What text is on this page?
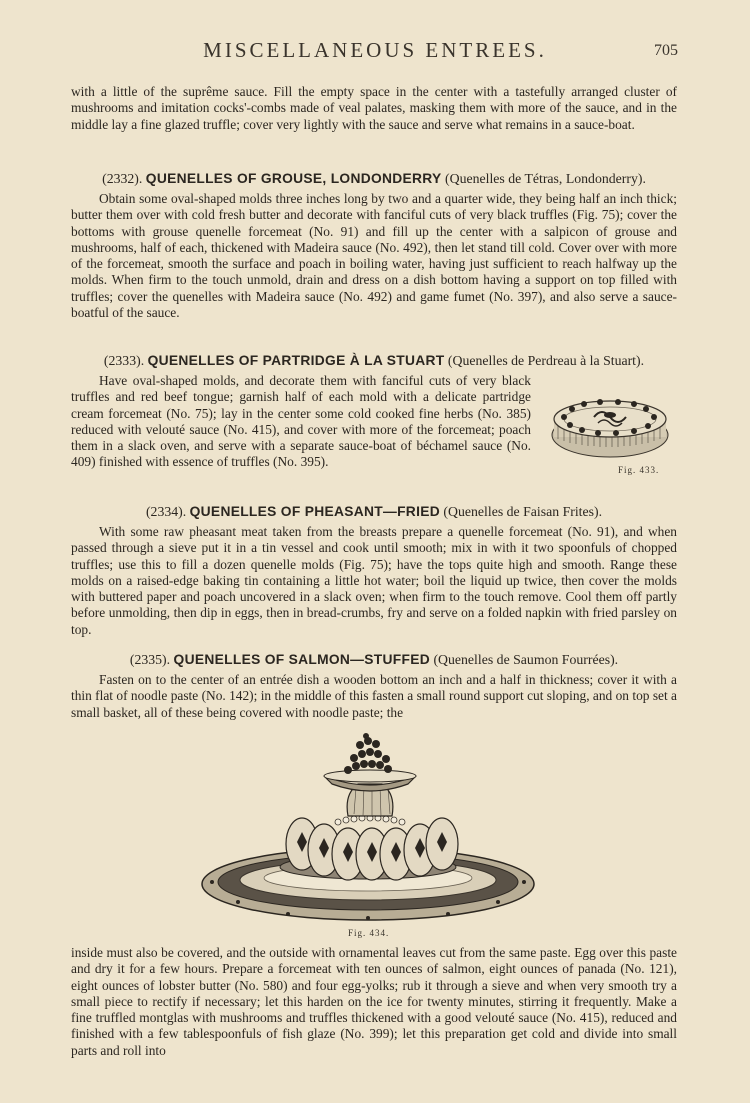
MISCELLANEOUS ENTREES.	705

with a little of the suprême sauce. Fill the empty space in the center with a tastefully arranged cluster of mushrooms and imitation cocks'-combs made of veal palates, masking them with more of the sauce, and in the middle lay a fine glazed truffle; cover very lightly with the sauce and serve what remains in a sauce-boat.

(2332). QUENELLES OF GROUSE, LONDONDERRY (Quenelles de Tétras, Londonderry).

Obtain some oval-shaped molds three inches long by two and a quarter wide, they being half an inch thick; butter them over with cold fresh butter and decorate with fanciful cuts of very black truffles (Fig. 75); cover the bottoms with grouse quenelle forcemeat (No. 91) and fill up the center with a salpicon of grouse and mushrooms, half of each, thickened with Madeira sauce (No. 492), then let stand till cold. Cover over with more of the forcemeat, smooth the surface and poach in boiling water, having just sufficient to reach halfway up the molds. When firm to the touch unmold, drain and dress on a dish bottom having a support on top filled with truffles; cover the quenelles with Madeira sauce (No. 492) and game fumet (No. 397), and also serve a sauce-boatful of the sauce.

(2333). QUENELLES OF PARTRIDGE À LA STUART (Quenelles de Perdreau à la Stuart).

Have oval-shaped molds, and decorate them with fanciful cuts of very black truffles and red beef tongue; garnish half of each mold with a delicate partridge cream forcemeat (No. 75); lay in the center some cold cooked fine herbs (No. 385) reduced with velouté sauce (No. 415), and cover with more of the forcemeat; poach them in a slack oven, and serve with a separate sauce-boat of béchamel sauce (No. 409) finished with essence of truffles (No. 395).

Fig. 433.
(2334). QUENELLES OF PHEASANT—FRIED (Quenelles de Faisan Frites).

With some raw pheasant meat taken from the breasts prepare a quenelle forcemeat (No. 91), and when passed through a sieve put it in a tin vessel and cook until smooth; mix in with it two spoonfuls of chopped truffles; use this to fill a dozen quenelle molds (Fig. 75); have the tops quite high and smooth. Range these molds on a raised-edge baking tin containing a little hot water; boil the liquid up twice, then cover the molds with buttered paper and poach uncovered in a slack oven; when firm to the touch remove. Cool them off partly before unmolding, then dip in eggs, then in bread-crumbs, fry and serve on a folded napkin with fried parsley on top.

(2335). QUENELLES OF SALMON—STUFFED (Quenelles de Saumon Fourrées).

Fasten on to the center of an entrée dish a wooden bottom an inch and a half in thickness; cover it with a thin flat of noodle paste (No. 142); in the middle of this fasten a small round support cut sloping, and on top set a small basket, all of these being covered with noodle paste; the

Fig. 434.

inside must also be covered, and the outside with ornamental leaves cut from the same paste. Egg over this paste and dry it for a few hours. Prepare a forcemeat with ten ounces of salmon, eight ounces of panada (No. 121), eight ounces of lobster butter (No. 580) and four egg-yolks; rub it through a sieve and when very smooth try a small piece to rectify if necessary; let this harden on the ice for twenty minutes, stirring it frequently. Make a fine truffled montglas with mushrooms and truffles thickened with a good velouté sauce (No. 415), reduced and finished with a few tablespoonfuls of fish glaze (No. 399); let this preparation get cold and divide into small parts and roll into
